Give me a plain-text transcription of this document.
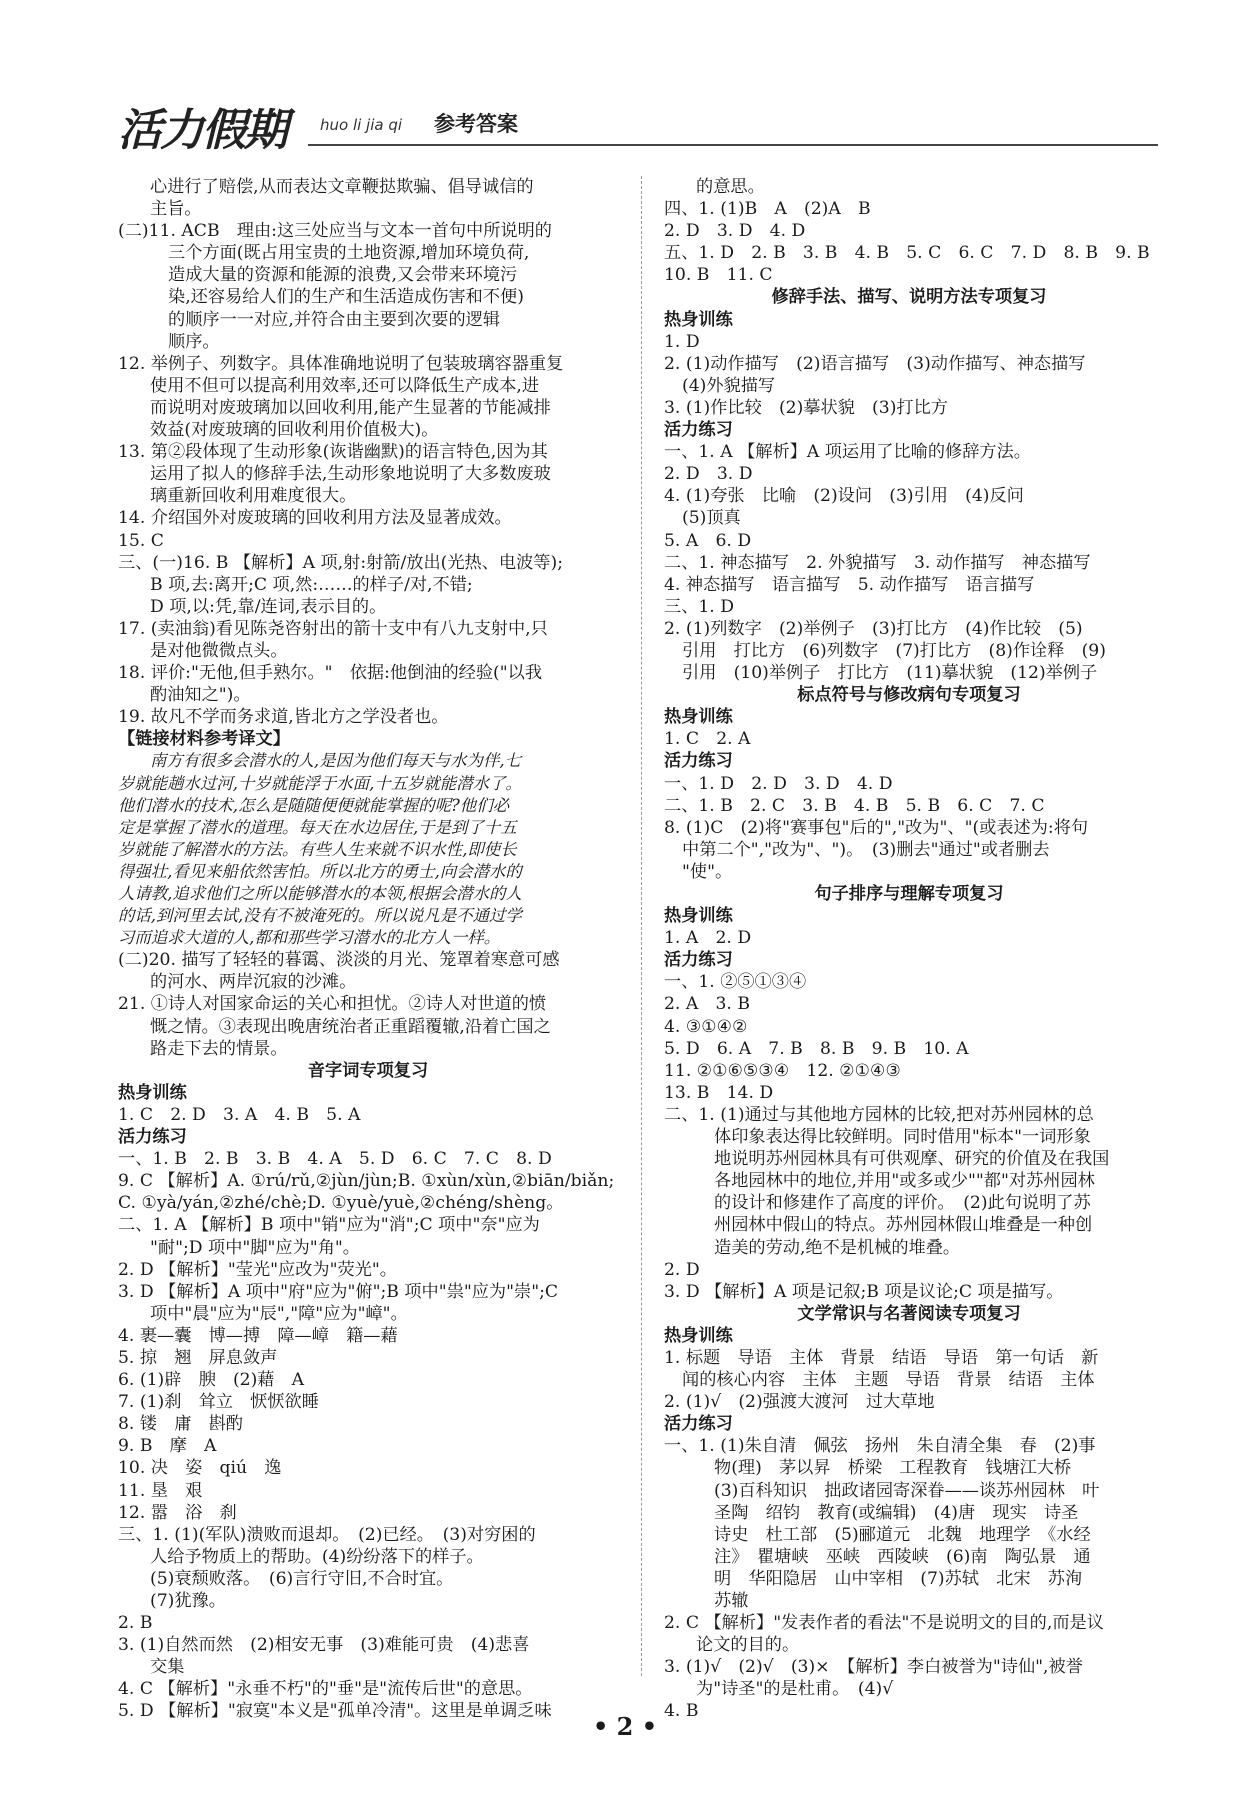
活力假期 huo li jia qi 参考答案
心进行了赔偿,从而表达文章鞭挞欺骗、倡导诚信的
主旨。
(二)11. ACB　理由:这三处应当与文本一首句中所说明的
三个方面(既占用宝贵的土地资源,增加环境负荷,
造成大量的资源和能源的浪费,又会带来环境污
染,还容易给人们的生产和生活造成伤害和不便)
的顺序一一对应,并符合由主要到次要的逻辑
顺序。
12. 举例子、列数字。具体准确地说明了包装玻璃容器重复
使用不但可以提高利用效率,还可以降低生产成本,进
而说明对废玻璃加以回收利用,能产生显著的节能减排
效益(对废玻璃的回收利用价值极大)。
13. 第②段体现了生动形象(诙谐幽默)的语言特色,因为其
运用了拟人的修辞手法,生动形象地说明了大多数废玻
璃重新回收利用难度很大。
14. 介绍国外对废玻璃的回收利用方法及显著成效。
15. C
三、(一)16. B 【解析】A 项,射:射箭/放出(光热、电波等);
B 项,去:离开;C 项,然:……的样子/对,不错;
D 项,以:凭,靠/连词,表示目的。
17. (卖油翁)看见陈尧咨射出的箭十支中有八九支射中,只
是对他微微点头。
18. 评价:"无他,但手熟尔。"　依据:他倒油的经验("以我
酌油知之")。
19. 故凡不学而务求道,皆北方之学没者也。
【链接材料参考译文】
南方有很多会潜水的人,是因为他们每天与水为伴,七
岁就能趟水过河,十岁就能浮于水面,十五岁就能潜水了。
他们潜水的技术,怎么是随随便便就能掌握的呢?他们必
定是掌握了潜水的道理。每天在水边居住,于是到了十五
岁就能了解潜水的方法。有些人生来就不识水性,即使长
得强壮,看见来船依然害怕。所以北方的勇士,向会潜水的
人请教,追求他们之所以能够潜水的本领,根据会潜水的人
的话,到河里去试,没有不被淹死的。所以说凡是不通过学
习而追求大道的人,都和那些学习潜水的北方人一样。
(二)20. 描写了轻轻的暮霭、淡淡的月光、笼罩着寒意可感
的河水、两岸沉寂的沙滩。
21. ①诗人对国家命运的关心和担忧。②诗人对世道的愤
慨之情。③表现出晚唐统治者正重蹈覆辙,沿着亡国之
路走下去的情景。
音字词专项复习
热身训练
1. C　2. D　3. A　4. B　5. A
活力练习
一、1. B　2. B　3. B　4. A　5. D　6. C　7. C　8. D
9. C 【解析】A. ①rú/rǔ,②jùn/jùn;B. ①xùn/xùn,②biān/biǎn;
C. ①yà/yán,②zhé/chè;D. ①yuè/yuè,②chéng/shèng。
二、1. A 【解析】B 项中"销"应为"消";C 项中"奈"应为
"耐";D 项中"脚"应为"角"。
2. D 【解析】"莹光"应改为"荧光"。
3. D 【解析】A 项中"府"应为"俯";B 项中"祟"应为"崇";C
项中"晨"应为"辰","障"应为"嶂"。
4. 裹—囊　博—搏　障—嶂　籍—藉
5. 掠　翘　屏息敛声
6. (1)辟　腴　(2)藉　A
7. (1)刹　耸立　恹恹欲睡
8. 镂　庸　斟酌
9. B　摩　A
10. 决　姿　qiú　逸
11. 垦　艰
12. 嚣　浴　刹
三、1. (1)(军队)溃败而退却。　(2)已经。　(3)对穷困的
人给予物质上的帮助。(4)纷纷落下的样子。
(5)衰颓败落。　(6)言行守旧,不合时宜。
(7)犹豫。
2. B
3. (1)自然而然　(2)相安无事　(3)难能可贵　(4)悲喜
交集
4. C 【解析】"永垂不朽"的"垂"是"流传后世"的意思。
5. D 【解析】"寂寞"本义是"孤单冷清"。这里是单调乏味
的意思。
四、1. (1)B　A　(2)A　B
2. D　3. D　4. D
五、1. D　2. B　3. B　4. B　5. C　6. C　7. D　8. B　9. B
10. B　11. C
修辞手法、描写、说明方法专项复习
热身训练
1. D
2. (1)动作描写　(2)语言描写　(3)动作描写、神态描写
(4)外貌描写
3. (1)作比较　(2)摹状貌　(3)打比方
活力练习
一、1. A 【解析】A 项运用了比喻的修辞方法。
2. D　3. D
4. (1)夸张　比喻　(2)设问　(3)引用　(4)反问
(5)顶真
5. A　6. D
二、1. 神态描写　2. 外貌描写　3. 动作描写　神态描写
4. 神态描写　语言描写　5. 动作描写　语言描写
三、1. D
2. (1)列数字　(2)举例子　(3)打比方　(4)作比较　(5)
引用　打比方　(6)列数字　(7)打比方　(8)作诠释　(9)
引用　(10)举例子　打比方　(11)摹状貌　(12)举例子
标点符号与修改病句专项复习
热身训练
1. C　2. A
活力练习
一、1. D　2. D　3. D　4. D
二、1. B　2. C　3. B　4. B　5. B　6. C　7. C
8. (1)C　(2)将"赛事包"后的","改为"、"(或表述为:将句
中第二个","改为"、")。　(3)删去"通过"或者删去
"使"。
句子排序与理解专项复习
热身训练
1. A　2. D
活力练习
一、1. ②⑤①③④
2. A　3. B
4. ③①④②
5. D　6. A　7. B　8. B　9. B　10. A
11. ②①⑥⑤③④　12. ②①④③
13. B　14. D
二、1. (1)通过与其他地方园林的比较,把对苏州园林的总
体印象表达得比较鲜明。同时借用"标本"一词形象
地说明苏州园林具有可供观摩、研究的价值及在我国
各地园林中的地位,并用"或多或少""都"对苏州园林
的设计和修建作了高度的评价。　(2)此句说明了苏
州园林中假山的特点。苏州园林假山堆叠是一种创
造美的劳动,绝不是机械的堆叠。
2. D
3. D 【解析】A 项是记叙;B 项是议论;C 项是描写。
文学常识与名著阅读专项复习
热身训练
1. 标题　导语　主体　背景　结语　导语　第一句话　新
闻的核心内容　主体　主题　导语　背景　结语　主体
2. (1)√　(2)强渡大渡河　过大草地
活力练习
一、1. (1)朱自清　佩弦　扬州　朱自清全集　春　(2)事
物(理)　茅以昇　桥梁　工程教育　钱塘江大桥
(3)百科知识　拙政诸园寄深眷——谈苏州园林　叶
圣陶　绍钧　教育(或编辑)　(4)唐　现实　诗圣
诗史　杜工部　(5)郦道元　北魏　地理学　《水经
注》　瞿塘峡　巫峡　西陵峡　(6)南　陶弘景　通
明　华阳隐居　山中宰相　(7)苏轼　北宋　苏洵
苏辙
2. C 【解析】"发表作者的看法"不是说明文的目的,而是议
论文的目的。
3. (1)√　(2)√　(3)×　【解析】李白被誉为"诗仙",被誉
为"诗圣"的是杜甫。　(4)√
4. B
• 2 •
